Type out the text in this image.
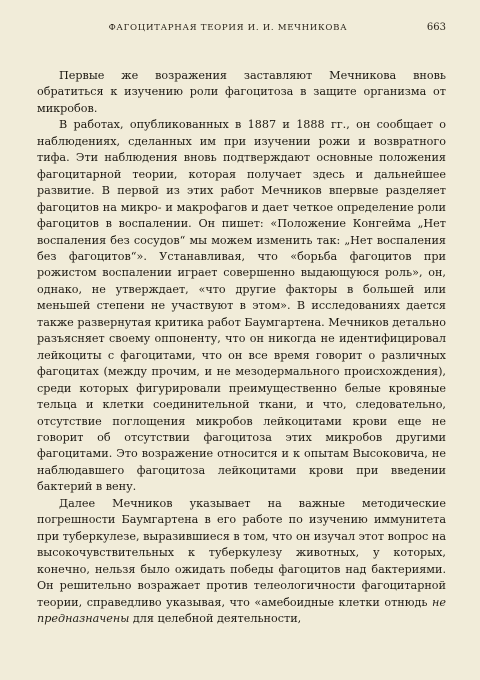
ФАГОЦИТАРНАЯ ТЕОРИЯ И. И. МЕЧНИКОВА	663

Первые же возражения заставляют Мечникова вновь обратиться к изучению роли фагоцитоза в защите организма от микробов.

В работах, опубликованных в 1887 и 1888 гг., он сообщает о наблюдениях, сделанных им при изучении рожи и возвратного тифа. Эти наблюдения вновь подтверждают основные положения фагоцитарной теории, которая получает здесь и дальнейшее развитие. В первой из этих работ Мечников впервые разделяет фагоцитов на микро- и макрофагов и дает четкое определение роли фагоцитов в воспалении. Он пишет: «Положение Конгейма „Нет воспаления без сосудов“ мы можем изменить так: „Нет воспаления без фагоцитов“». Устанавливая, что «борьба фагоцитов при рожистом воспалении играет совершенно выдающуюся роль», он, однако, не утверждает, «что другие факторы в большей или меньшей степени не участвуют в этом». В исследованиях дается также развернутая критика работ Баумгартена. Мечников детально разъясняет своему оппоненту, что он никогда не идентифицировал лейкоциты с фагоцитами, что он все время говорит о различных фагоцитах (между прочим, и не мезодермального происхождения), среди которых фигурировали преимущественно белые кровяные тельца и клетки соединительной ткани, и что, следовательно, отсутствие поглощения микробов лейкоцитами крови еще не говорит об отсутствии фагоцитоза этих микробов другими фагоцитами. Это возражение относится и к опытам Высоковича, не наблюдавшего фагоцитоза лейкоцитами крови при введении бактерий в вену.

Далее Мечников указывает на важные методические погрешности Баумгартена в его работе по изучению иммунитета при туберкулезе, выразившиеся в том, что он изучал этот вопрос на высокочувствительных к туберкулезу животных, у которых, конечно, нельзя было ожидать победы фагоцитов над бактериями. Он решительно возражает против телеологичности фагоцитарной теории, справедливо указывая, что «амебоидные клетки отнюдь не предназначены для целебной деятельности,
